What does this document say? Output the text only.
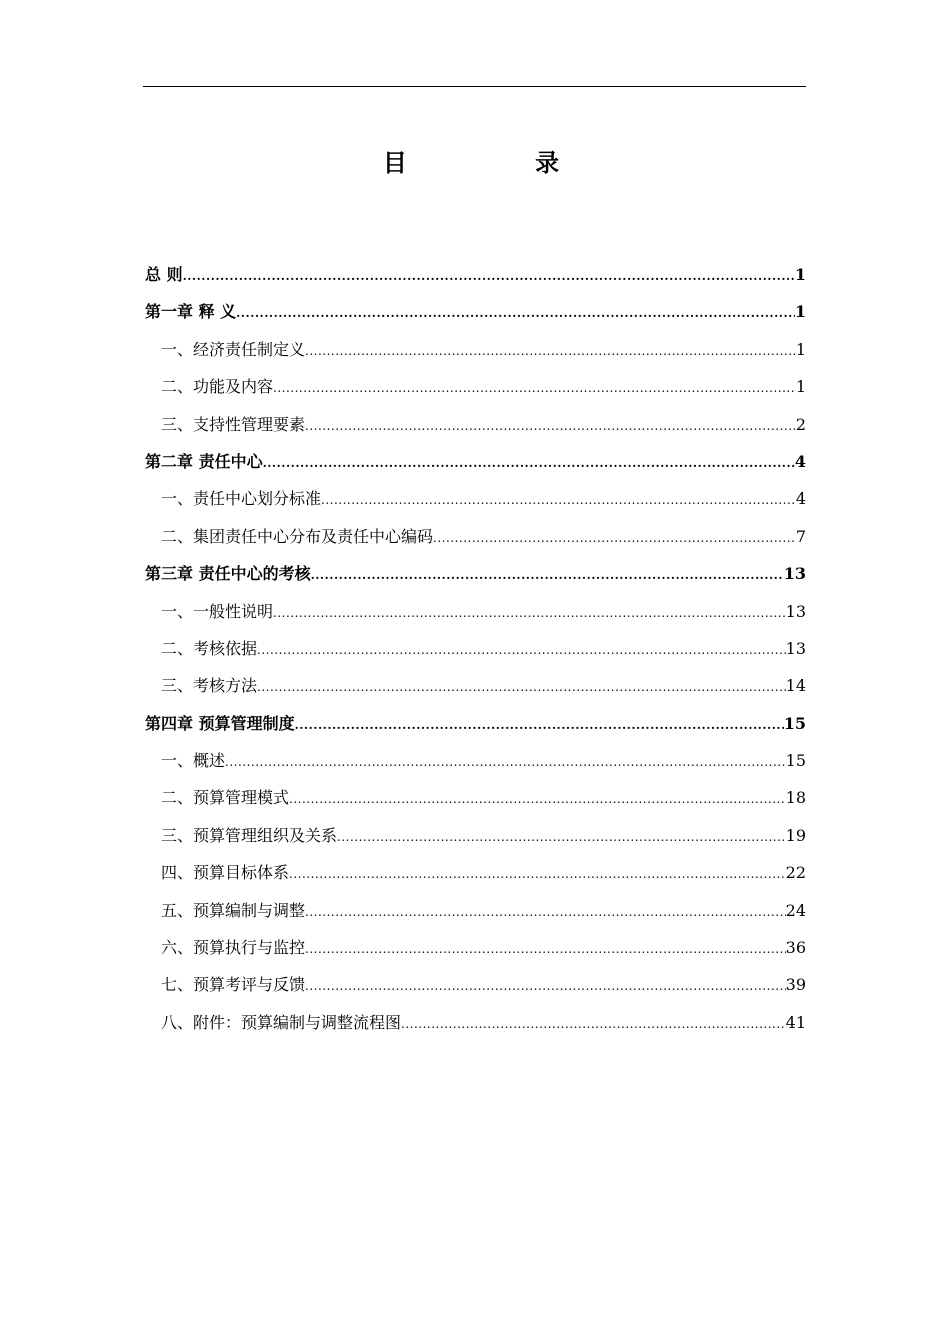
目 录
总 则 .....	1
第一章 释 义 .....	1
一、经济责任制定义 .....	1
二、功能及内容 .....	1
三、支持性管理要素 .....	2
第二章 责任中心 .....	4
一、责任中心划分标准 .....	4
二、集团责任中心分布及责任中心编码 .....	7
第三章 责任中心的考核 .....	13
一、一般性说明 .....	13
二、考核依据 .....	13
三、考核方法 .....	14
第四章 预算管理制度 .....	15
一、概述 .....	15
二、预算管理模式 .....	18
三、预算管理组织及关系 .....	19
四、预算目标体系 .....	22
五、预算编制与调整 .....	24
六、预算执行与监控 .....	36
七、预算考评与反馈 .....	39
八、附件：预算编制与调整流程图 .....	41
